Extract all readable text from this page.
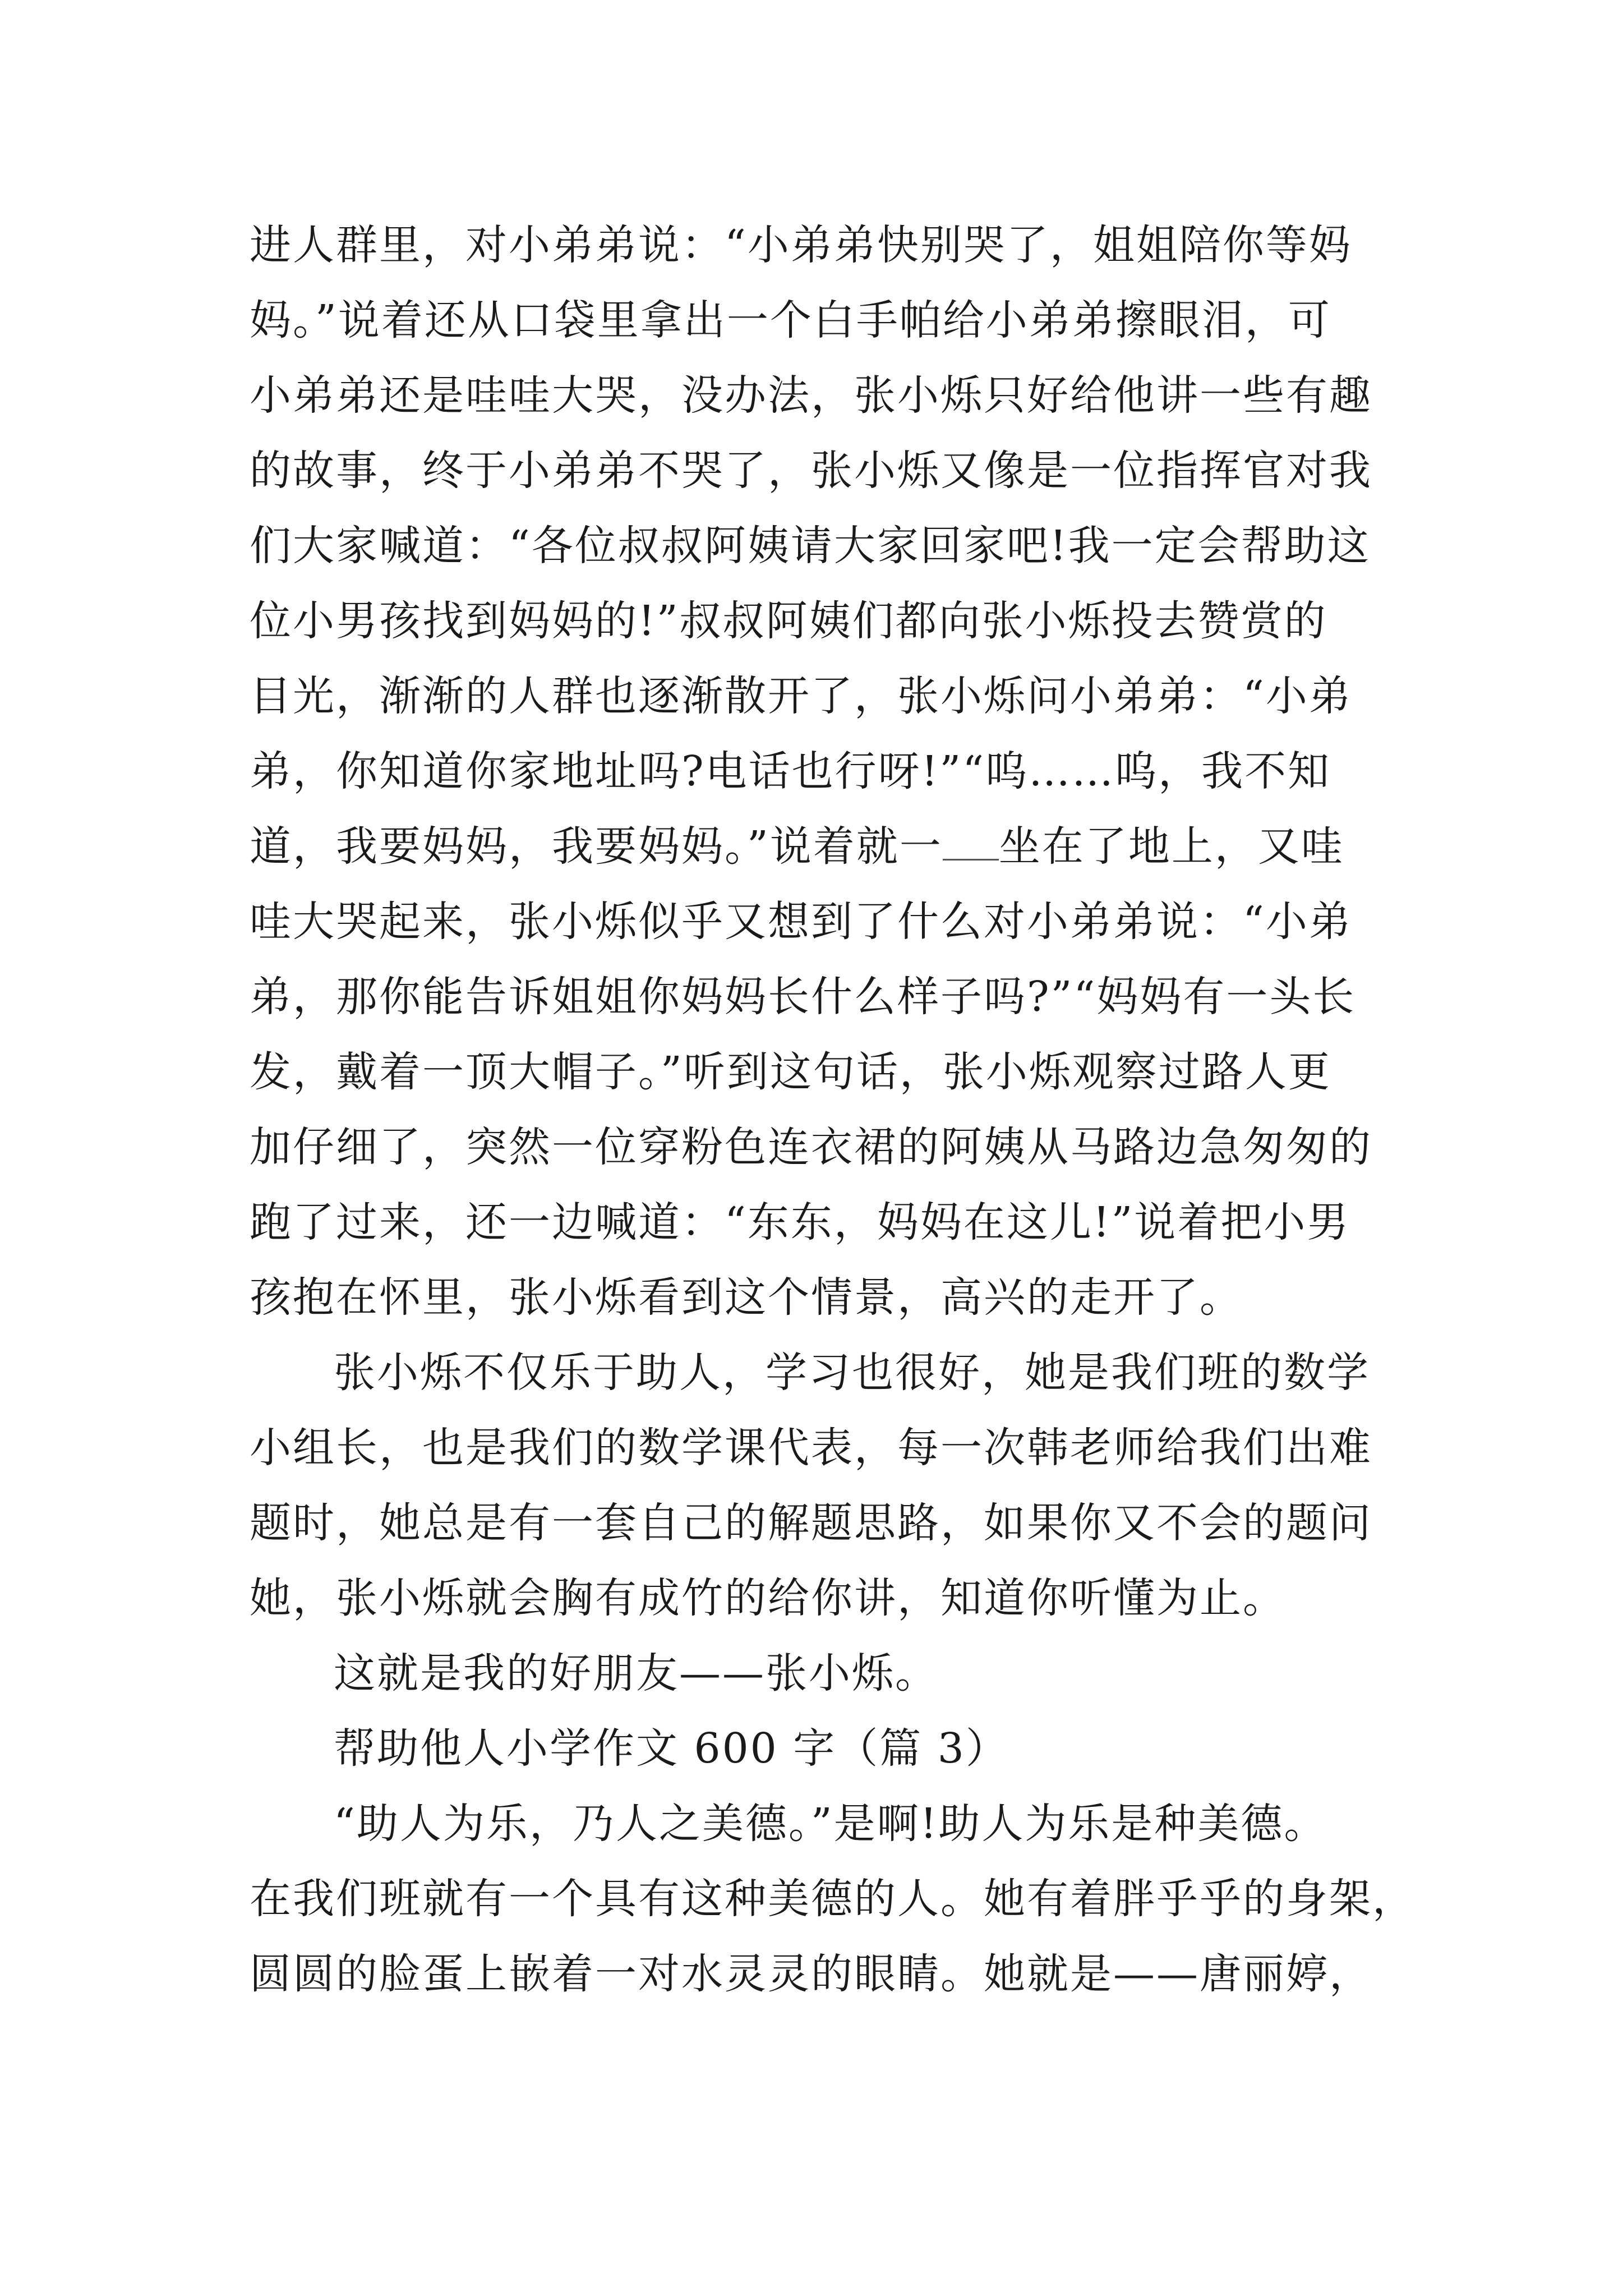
进人群里，对小弟弟说：“小弟弟快别哭了，姐姐陪你等妈
妈。”说着还从口袋里拿出一个白手帕给小弟弟擦眼泪，可
小弟弟还是哇哇大哭，没办法，张小烁只好给他讲一些有趣
的故事，终于小弟弟不哭了，张小烁又像是一位指挥官对我
们大家喊道：“各位叔叔阿姨请大家回家吧!我一定会帮助这
位小男孩找到妈妈的!”叔叔阿姨们都向张小烁投去赞赏的
目光，渐渐的人群也逐渐散开了，张小烁问小弟弟：“小弟
弟，你知道你家地址吗?电话也行呀!”“呜……呜，我不知
道，我要妈妈，我要妈妈。”说着就一 坐在了地上，又哇
哇大哭起来，张小烁似乎又想到了什么对小弟弟说：“小弟
弟，那你能告诉姐姐你妈妈长什么样子吗?”“妈妈有一头长
发，戴着一顶大帽子。”听到这句话，张小烁观察过路人更
加仔细了，突然一位穿粉色连衣裙的阿姨从马路边急匆匆的
跑了过来，还一边喊道：“东东，妈妈在这儿!”说着把小男
孩抱在怀里，张小烁看到这个情景，高兴的走开了。
张小烁不仅乐于助人，学习也很好，她是我们班的数学
小组长，也是我们的数学课代表，每一次韩老师给我们出难
题时，她总是有一套自己的解题思路，如果你又不会的题问
她，张小烁就会胸有成竹的给你讲，知道你听懂为止。
这就是我的好朋友——张小烁。
帮助他人小学作文 600 字（篇 3）
“助人为乐，乃人之美德。”是啊!助人为乐是种美德。
在我们班就有一个具有这种美德的人。她有着胖乎乎的身架，
圆圆的脸蛋上嵌着一对水灵灵的眼睛。她就是——唐丽婷，
